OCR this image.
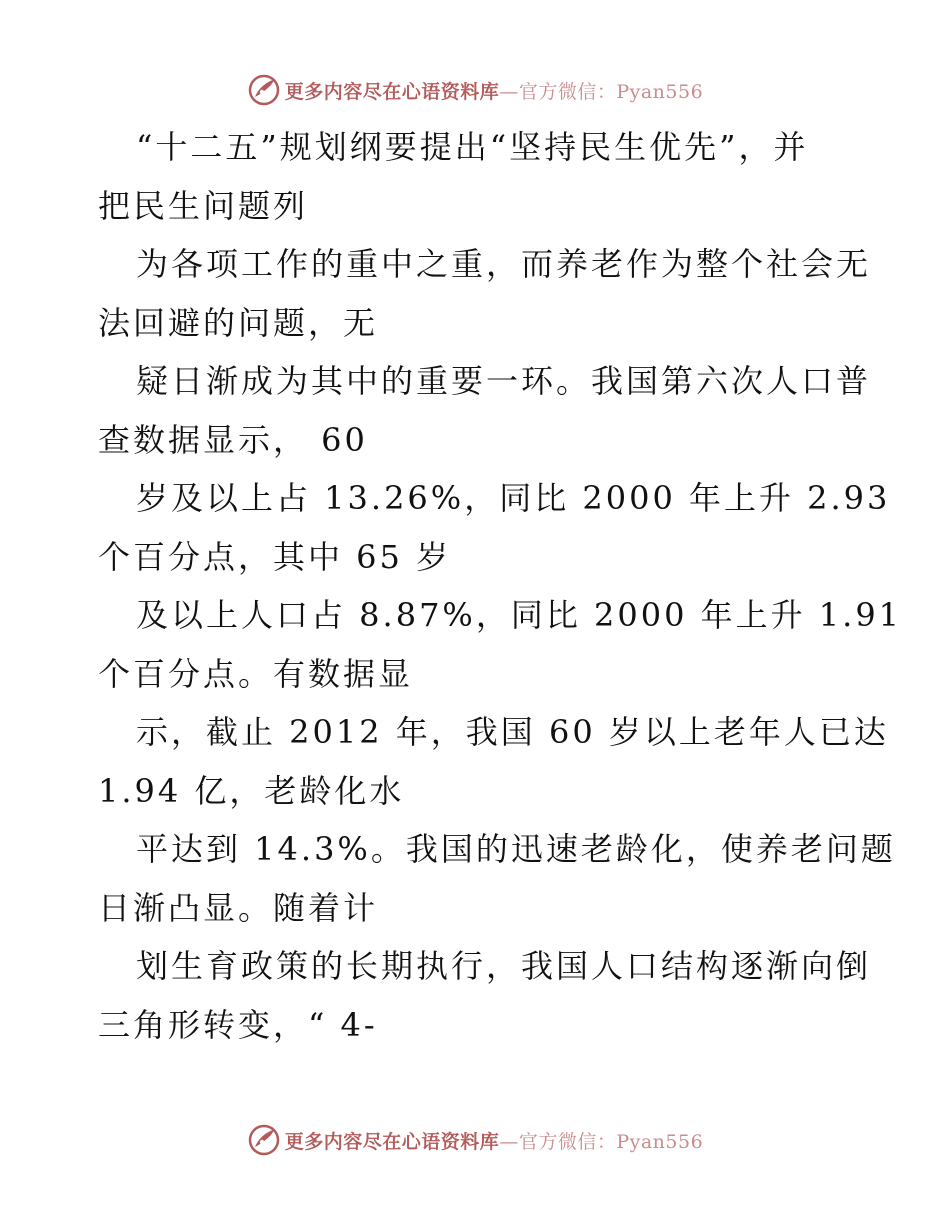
更多内容尽在心语资料库—官方微信：Pyan556
“十二五”规划纲要提出“坚持民生优先”，并
把民生问题列
为各项工作的重中之重，而养老作为整个社会无
法回避的问题，无
疑日渐成为其中的重要一环。我国第六次人口普
查数据显示， 60
岁及以上占 13.26%，同比 2000 年上升 2.93
个百分点，其中 65 岁
及以上人口占 8.87%，同比 2000 年上升 1.91
个百分点。有数据显
示，截止 2012 年，我国 60 岁以上老年人已达
1.94 亿，老龄化水
平达到 14.3%。我国的迅速老龄化，使养老问题
日渐凸显。随着计
划生育政策的长期执行，我国人口结构逐渐向倒
三角形转变，“ 4-
更多内容尽在心语资料库—官方微信：Pyan556
